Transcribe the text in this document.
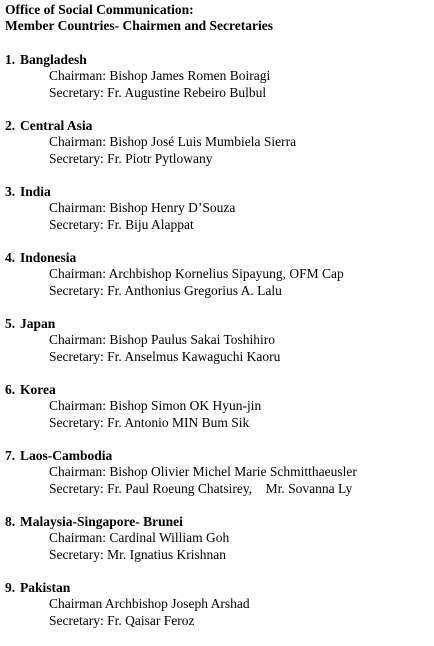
Office of Social Communication:
Member Countries- Chairmen and Secretaries
1. Bangladesh
Chairman: Bishop James Romen Boiragi
Secretary: Fr. Augustine Rebeiro Bulbul
2. Central Asia
Chairman: Bishop José Luis Mumbiela Sierra
Secretary: Fr. Piotr Pytlowany
3. India
Chairman: Bishop Henry D’Souza
Secretary: Fr. Biju Alappat
4. Indonesia
Chairman: Archbishop Kornelius Sipayung, OFM Cap
Secretary: Fr. Anthonius Gregorius A. Lalu
5. Japan
Chairman: Bishop Paulus Sakai Toshihiro
Secretary: Fr. Anselmus Kawaguchi Kaoru
6. Korea
Chairman: Bishop Simon OK Hyun-jin
Secretary: Fr. Antonio MIN Bum Sik
7. Laos-Cambodia
Chairman: Bishop Olivier Michel Marie Schmitthaeusler
Secretary: Fr. Paul Roeung Chatsirey,    Mr. Sovanna Ly
8. Malaysia-Singapore- Brunei
Chairman: Cardinal William Goh
Secretary: Mr. Ignatius Krishnan
9. Pakistan
Chairman Archbishop Joseph Arshad
Secretary: Fr. Qaisar Feroz
